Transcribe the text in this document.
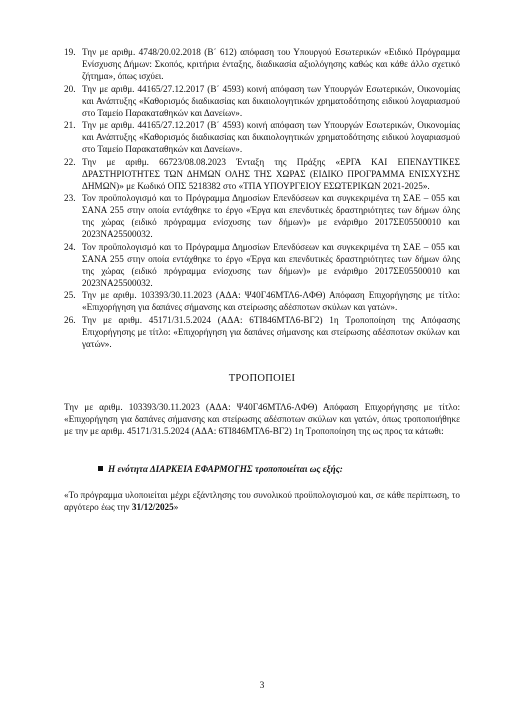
19. Την με αριθμ. 4748/20.02.2018 (Β΄ 612) απόφαση του Υπουργού Εσωτερικών «Ειδικό Πρόγραμμα Ενίσχυσης Δήμων: Σκοπός, κριτήρια ένταξης, διαδικασία αξιολόγησης καθώς και κάθε άλλο σχετικό ζήτημα», όπως ισχύει.
20. Την με αριθμ. 44165/27.12.2017 (Β΄ 4593) κοινή απόφαση των Υπουργών Εσωτερικών, Οικονομίας και Ανάπτυξης «Καθορισμός διαδικασίας και δικαιολογητικών χρηματοδότησης ειδικού λογαριασμού στο Ταμείο Παρακαταθηκών και Δανείων».
21. Την με αριθμ. 44165/27.12.2017 (Β΄ 4593) κοινή απόφαση των Υπουργών Εσωτερικών, Οικονομίας και Ανάπτυξης «Καθορισμός διαδικασίας και δικαιολογητικών χρηματοδότησης ειδικού λογαριασμού στο Ταμείο Παρακαταθηκών και Δανείων».
22. Την με αριθμ. 66723/08.08.2023 Ένταξη της Πράξης «ΕΡΓΑ ΚΑΙ ΕΠΕΝΔΥΤΙΚΕΣ ΔΡΑΣΤΗΡΙΟΤΗΤΕΣ ΤΩΝ ΔΗΜΩΝ ΟΛΗΣ ΤΗΣ ΧΩΡΑΣ (ΕΙΔΙΚΟ ΠΡΟΓΡΑΜΜΑ ΕΝΙΣΧΥΣΗΣ ΔΗΜΩΝ)» με Κωδικό ΟΠΣ 5218382 στο «ΤΠΑ ΥΠΟΥΡΓΕΙΟΥ ΕΣΩΤΕΡΙΚΩΝ 2021-2025».
23. Τον προϋπολογισμό και το Πρόγραμμα Δημοσίων Επενδύσεων και συγκεκριμένα τη ΣΑΕ – 055 και ΣΑΝΑ 255 στην οποία εντάχθηκε το έργο «Έργα και επενδυτικές δραστηριότητες των δήμων όλης της χώρας (ειδικό πρόγραμμα ενίσχυσης των δήμων)» με ενάριθμο 2017ΣΕ05500010 και 2023ΝΑ25500032.
24. Τον προϋπολογισμό και το Πρόγραμμα Δημοσίων Επενδύσεων και συγκεκριμένα τη ΣΑΕ – 055 και ΣΑΝΑ 255 στην οποία εντάχθηκε το έργο «Έργα και επενδυτικές δραστηριότητες των δήμων όλης της χώρας (ειδικό πρόγραμμα ενίσχυσης των δήμων)» με ενάριθμο 2017ΣΕ05500010 και 2023ΝΑ25500032.
25. Την με αριθμ. 103393/30.11.2023 (ΑΔΑ: Ψ40Γ46ΜΤΛ6-ΛΦΘ) Απόφαση Επιχορήγησης με τίτλο: «Επιχορήγηση για δαπάνες σήμανσης και στείρωσης αδέσποτων σκύλων και γατών».
26. Την με αριθμ. 45171/31.5.2024 (ΑΔΑ: 6ΤΙ846ΜΤΛ6-ΒΓ2) 1η Τροποποίηση της Απόφασης Επιχορήγησης με τίτλο: «Επιχορήγηση για δαπάνες σήμανσης και στείρωσης αδέσποτων σκύλων και γατών».
ΤΡΟΠΟΠΟΙΕΙ

Την με αριθμ. 103393/30.11.2023 (ΑΔΑ: Ψ40Γ46ΜΤΛ6-ΛΦΘ) Απόφαση Επιχορήγησης με τίτλο: «Επιχορήγηση για δαπάνες σήμανσης και στείρωσης αδέσποτων σκύλων και γατών, όπως τροποποιήθηκε με την με αριθμ. 45171/31.5.2024 (ΑΔΑ: 6ΤΙ846ΜΤΛ6-ΒΓ2) 1η Τροποποίηση της ως προς τα κάτωθι:

Η ενότητα ΔΙΑΡΚΕΙΑ ΕΦΑΡΜΟΓΗΣ τροποποιείται ως εξής:

«Το πρόγραμμα υλοποιείται μέχρι εξάντλησης του συνολικού προϋπολογισμού και, σε κάθε περίπτωση, το αργότερο έως την 31/12/2025»

3
